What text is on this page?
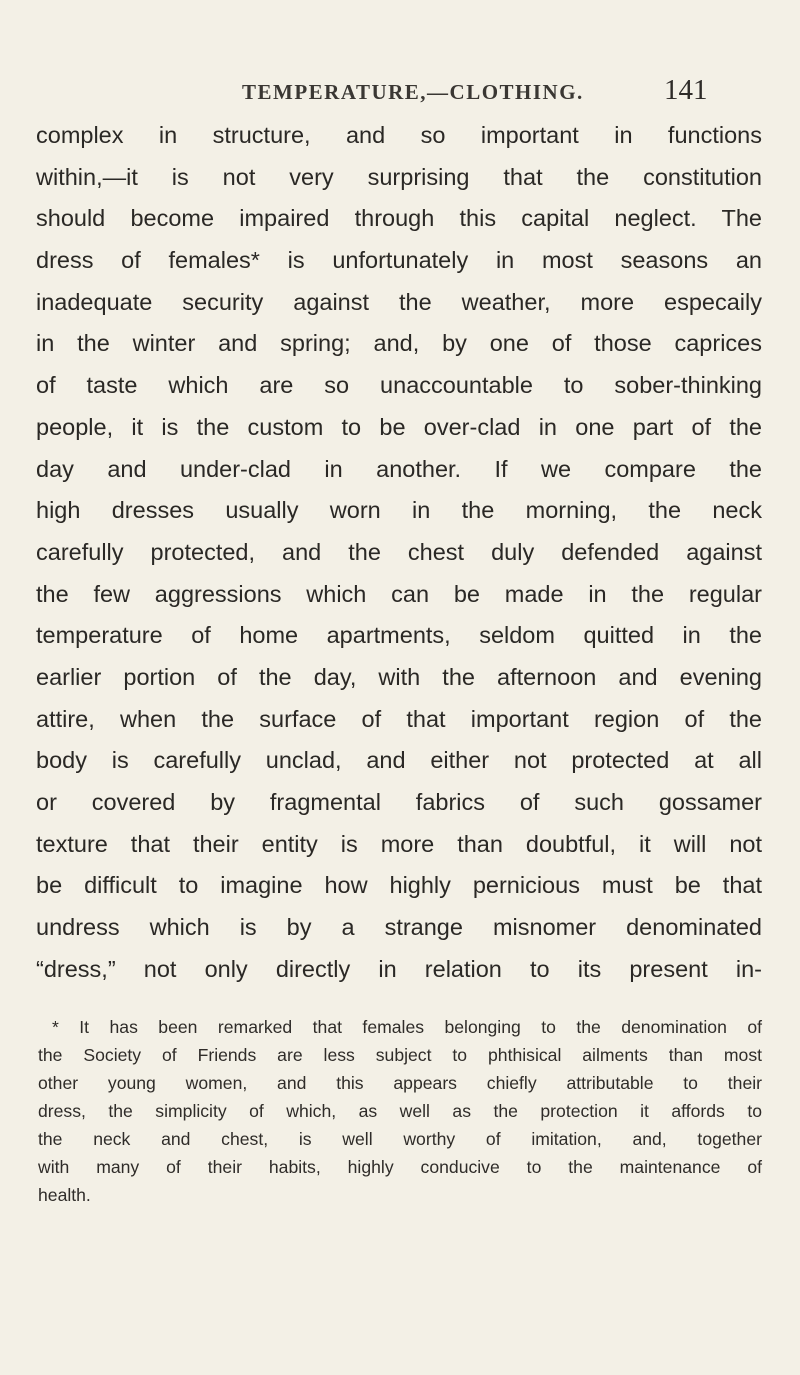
TEMPERATURE,—CLOTHING.	141
complex in structure, and so important in functions
within,—it is not very surprising that the constitution
should become impaired through this capital neglect. The
dress of females* is unfortunately in most seasons an
inadequate security against the weather, more especaily
in the winter and spring; and, by one of those caprices
of taste which are so unaccountable to sober-thinking
people, it is the custom to be over-clad in one part of the
day and under-clad in another. If we compare the
high dresses usually worn in the morning, the neck
carefully protected, and the chest duly defended against
the few aggressions which can be made in the regular
temperature of home apartments, seldom quitted in the
earlier portion of the day, with the afternoon and evening
attire, when the surface of that important region of the
body is carefully unclad, and either not protected at all
or covered by fragmental fabrics of such gossamer
texture that their entity is more than doubtful, it will not
be difficult to imagine how highly pernicious must be that
undress which is by a strange misnomer denominated
“dress,” not only directly in relation to its present in-
* It has been remarked that females belonging to the denomination of
the Society of Friends are less subject to phthisical ailments than most
other young women, and this appears chiefly attributable to their
dress, the simplicity of which, as well as the protection it affords to
the neck and chest, is well worthy of imitation, and, together
with many of their habits, highly conducive to the maintenance of
health.
